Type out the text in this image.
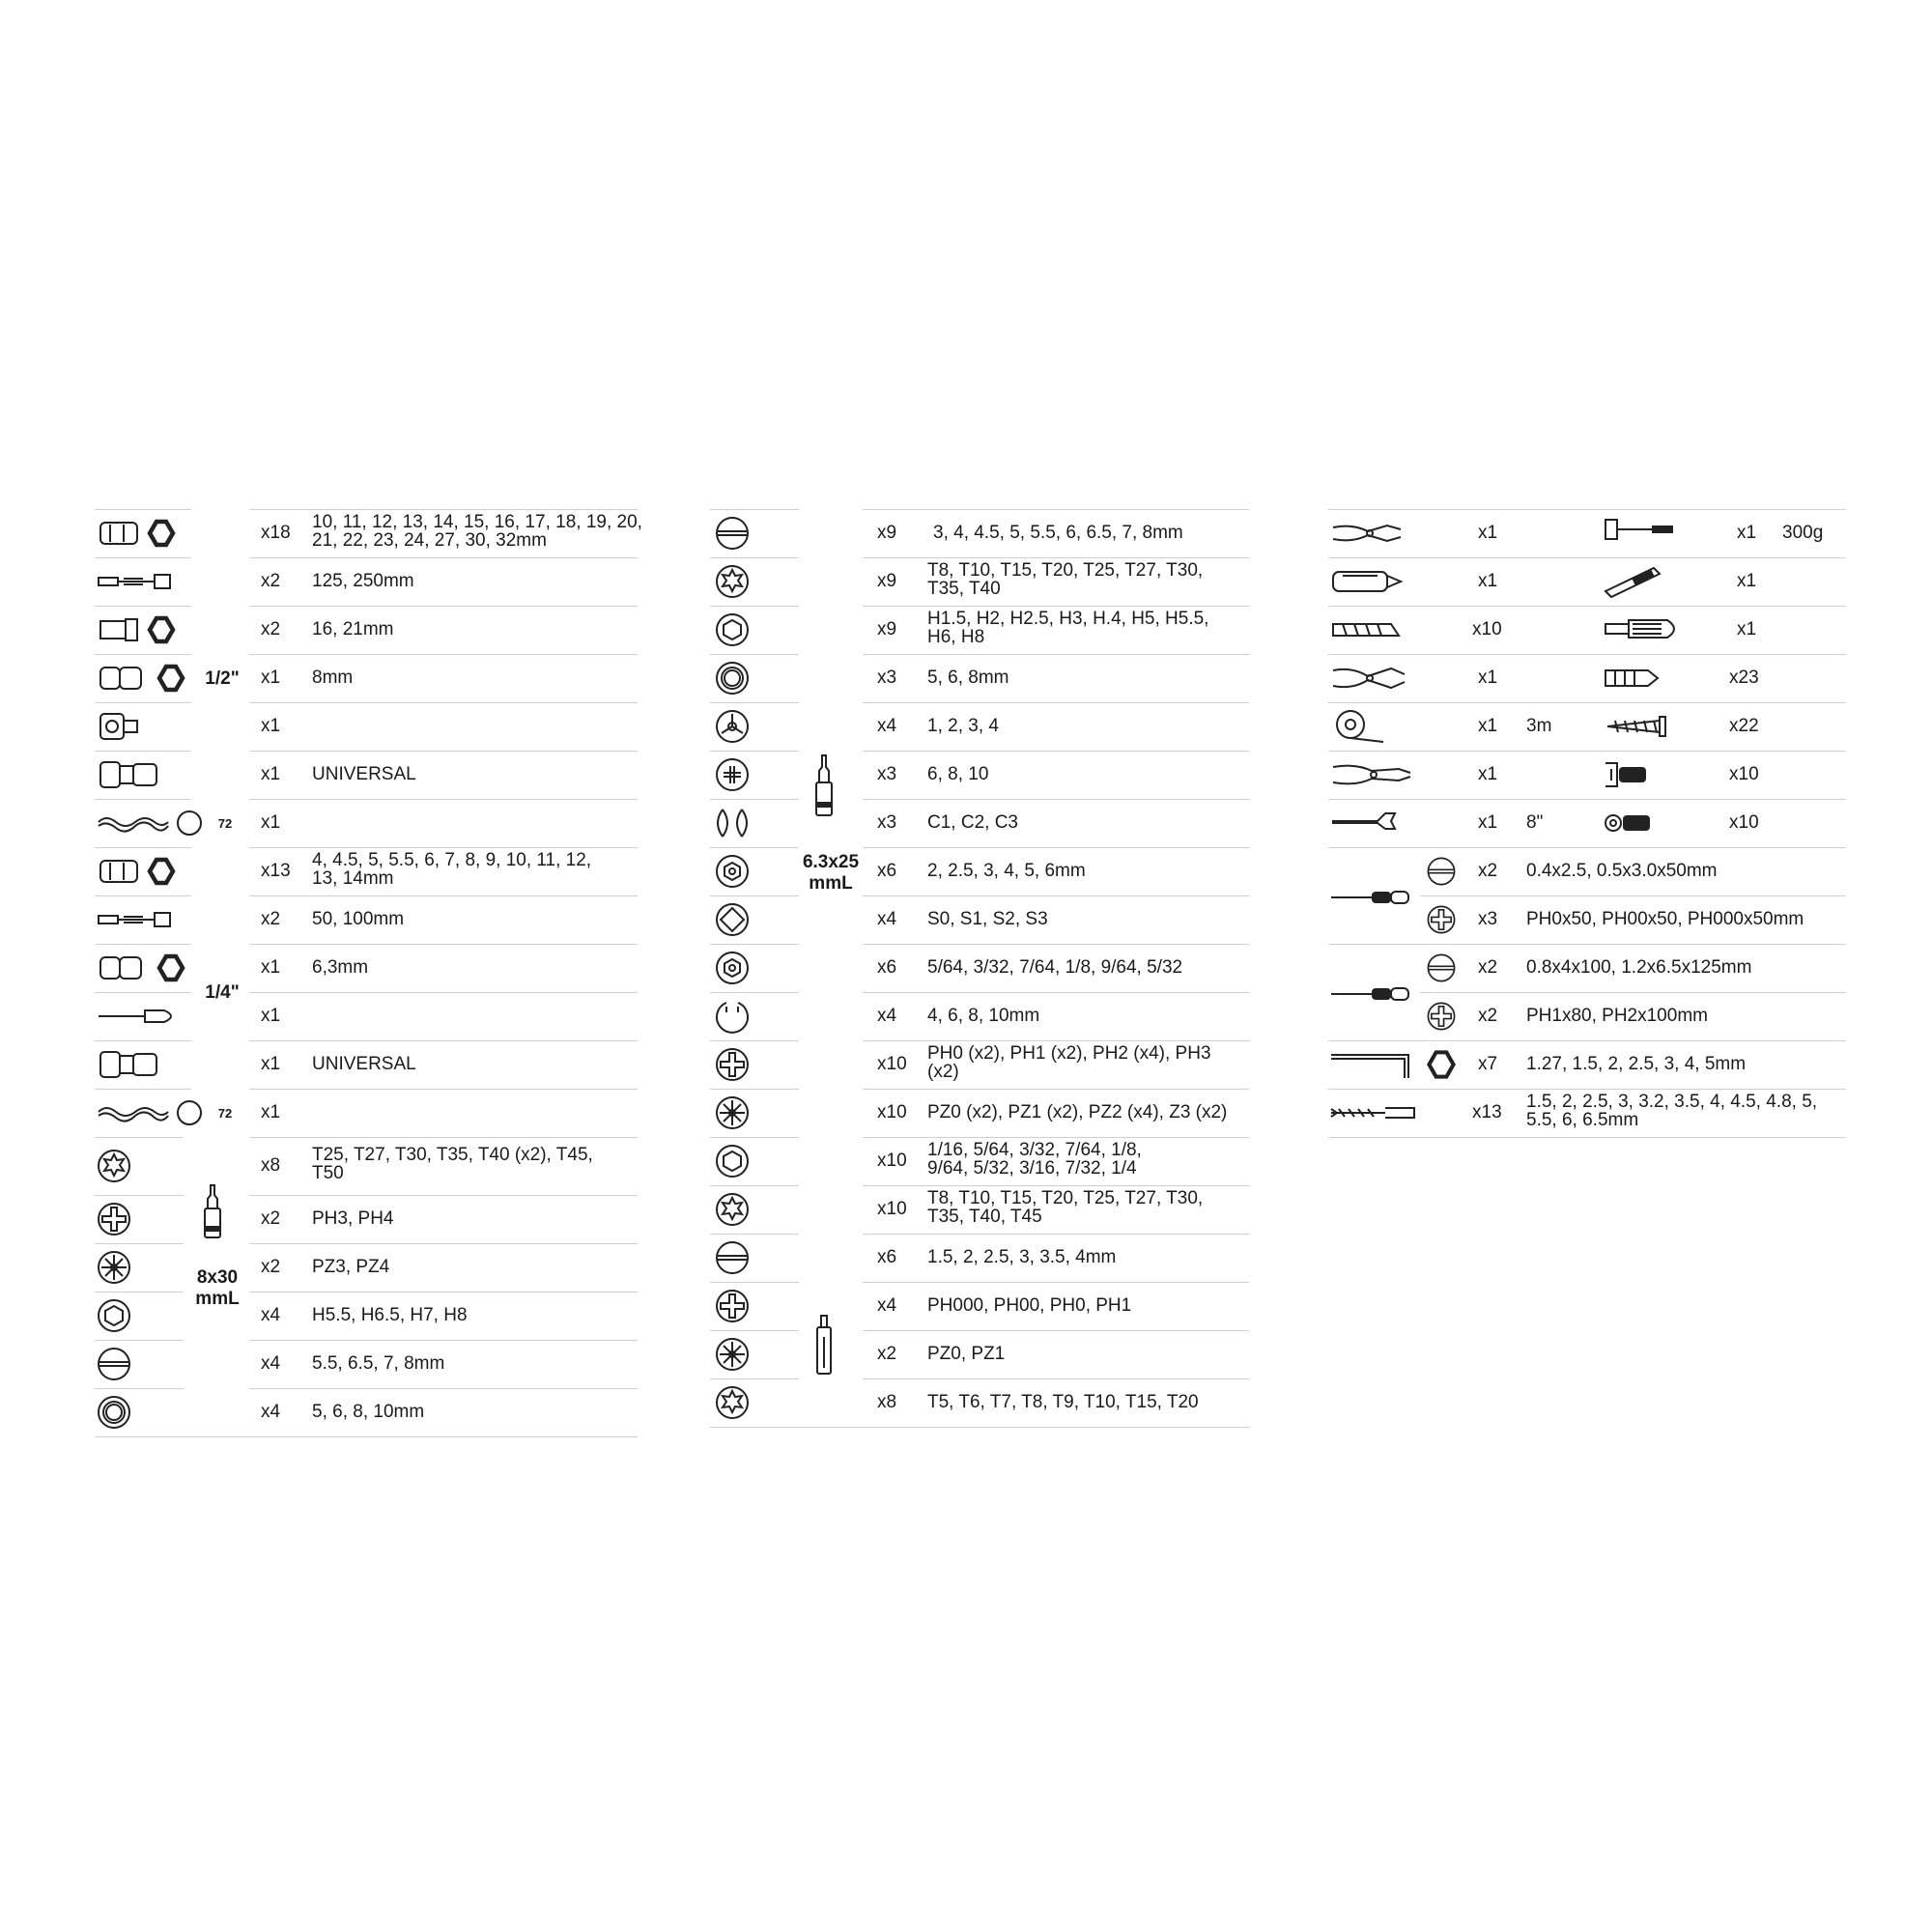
x18
10, 11, 12, 13, 14, 15, 16, 17, 18, 19, 20,
21, 22, 23, 24, 27, 30, 32mm
x2 125, 250mm
x2 16, 21mm
x1 8mm
x1
x1 UNIVERSAL
72	x1
x13
4, 4.5, 5, 5.5, 6, 7, 8, 9, 10, 11, 12,
13, 14mm
x2 50, 100mm
x1 6,3mm
x1
x1 UNIVERSAL
72	x1
x8
T25, T27, T30, T35, T40 (x2), T45,
T50
x2 PH3, PH4
x2 PZ3, PZ4
x4 H5.5, H6.5, H7, H8
x4 5.5, 6.5, 7, 8mm
x4 5, 6, 8, 10mm
1/2"
1/4"
8x30
mmL
x9 3, 4, 4.5, 5, 5.5, 6, 6.5, 7, 8mm
x9
T8, T10, T15, T20, T25, T27, T30,
T35, T40
x9
H1.5, H2, H2.5, H3, H.4, H5, H5.5,
H6, H8
x3 5, 6, 8mm
x4 1, 2, 3, 4
x3 6, 8, 10
x3 C1, C2, C3
x6 2, 2.5, 3, 4, 5, 6mm
x4 S0, S1, S2, S3
x6 5/64, 3/32, 7/64, 1/8, 9/64, 5/32
x4 4, 6, 8, 10mm
x10
PH0 (x2), PH1 (x2), PH2 (x4), PH3
(x2)
x10 PZ0 (x2), PZ1 (x2), PZ2 (x4), Z3 (x2)
x10
1/16, 5/64, 3/32, 7/64, 1/8,
9/64, 5/32, 3/16, 7/32, 1/4
x10
T8, T10, T15, T20, T25, T27, T30,
T35, T40, T45
x6 1.5, 2, 2.5, 3, 3.5, 4mm
x4 PH000, PH00, PH0, PH1
x2 PZ0, PZ1
x8 T5, T6, T7, T8, T9, T10, T15, T20
6.3x25
mmL
x1	x1 300g
x1	x1
x10	x1
x1	x23
x1 3m	x22
x1	x10
x1 8"	x10
x2 0.4x2.5, 0.5x3.0x50mm
x3 PH0x50, PH00x50, PH000x50mm
x2 0.8x4x100, 1.2x6.5x125mm
x2 PH1x80, PH2x100mm
x7 1.27, 1.5, 2, 2.5, 3, 4, 5mm
x13
1.5, 2, 2.5, 3, 3.2, 3.5, 4, 4.5, 4.8, 5,
5.5, 6, 6.5mm
